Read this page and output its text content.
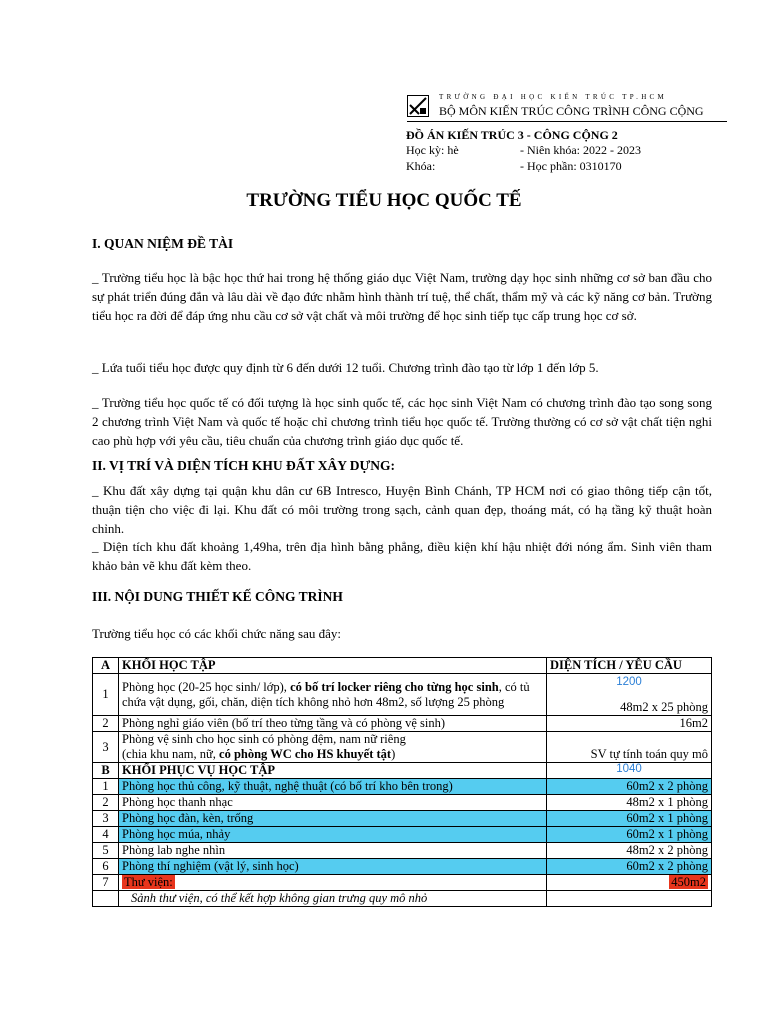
TRƯỜNG ĐẠI HỌC KIẾN TRÚC TP.HCM
BỘ MÔN KIẾN TRÚC CÔNG TRÌNH CÔNG CỘNG
ĐỒ ÁN KIẾN TRÚC 3 - CÔNG CỘNG 2
Học kỳ: hè	- Niên khóa: 2022 - 2023
Khóa:	- Học phần: 0310170
TRƯỜNG TIỂU HỌC QUỐC TẾ
I. QUAN NIỆM ĐỀ TÀI
_ Trường tiểu học là bậc học thứ hai trong hệ thống giáo dục Việt Nam, trường dạy học sinh những cơ sở ban đầu cho sự phát triển đúng đắn và lâu dài về đạo đức nhằm hình thành trí tuệ, thể chất, thẩm mỹ và các kỹ năng cơ bản. Trường tiểu học ra đời để đáp ứng nhu cầu cơ sở vật chất và môi trường để học sinh tiếp tục cấp trung học cơ sở.
_ Lứa tuổi tiểu học được quy định từ 6 đến dưới 12 tuổi. Chương trình đào tạo từ lớp 1 đến lớp 5.
_ Trường tiểu học quốc tế có đối tượng là học sinh quốc tế, các học sinh Việt Nam có chương trình đào tạo song song 2 chương trình Việt Nam và quốc tế hoặc chỉ chương trình tiểu học quốc tế. Trường thường có cơ sở vật chất tiện nghi cao phù hợp với yêu cầu, tiêu chuẩn của chương trình giáo dục quốc tế.
II. VỊ TRÍ VÀ DIỆN TÍCH KHU ĐẤT XÂY DỰNG:
_ Khu đất xây dựng tại quận khu dân cư 6B Intresco, Huyện Bình Chánh, TP HCM nơi có giao thông tiếp cận tốt, thuận tiện cho việc đi lại. Khu đất có môi trường trong sạch, cảnh quan đẹp, thoáng mát, có hạ tầng kỹ thuật hoàn chỉnh.
_ Diện tích khu đất khoảng 1,49ha, trên địa hình bằng phẳng, điều kiện khí hậu nhiệt đới nóng ẩm. Sinh viên tham khảo bản vẽ khu đất kèm theo.
III. NỘI DUNG THIẾT KẾ CÔNG TRÌNH
Trường tiểu học có các khối chức năng sau đây:
A	KHỐI HỌC TẬP	DIỆN TÍCH / YÊU CẦU
1	Phòng học (20-25 học sinh/ lớp), có bố trí locker riêng cho từng học sinh, có tủ chứa vật dụng, gối, chăn, diện tích không nhỏ hơn 48m2, số lượng 25 phòng	1200
48m2 x 25 phòng

2	Phòng nghỉ giáo viên (bố trí theo từng tầng và có phòng vệ sinh)	16m2
3	Phòng vệ sinh cho học sinh có phòng đệm, nam nữ riêng
(chia khu nam, nữ, có phòng WC cho HS khuyết tật)	SV tự tính toán quy mô
B	KHỐI PHỤC VỤ HỌC TẬP	1040
1	Phòng học thủ công, kỹ thuật, nghệ thuật (có bố trí kho bên trong)	60m2 x 2 phòng
2	Phòng học thanh nhạc	48m2 x 1 phòng
3	Phòng học đàn, kèn, trống	60m2 x 1 phòng
4	Phòng học múa, nhảy	60m2 x 1 phòng
5	Phòng lab nghe nhìn	48m2 x 2 phòng
6	Phòng thí nghiệm (vật lý, sinh học)	60m2 x 2 phòng
7	Thư viện:	450m2
	Sảnh thư viện, có thể kết hợp không gian trưng quy mô nhỏ	
